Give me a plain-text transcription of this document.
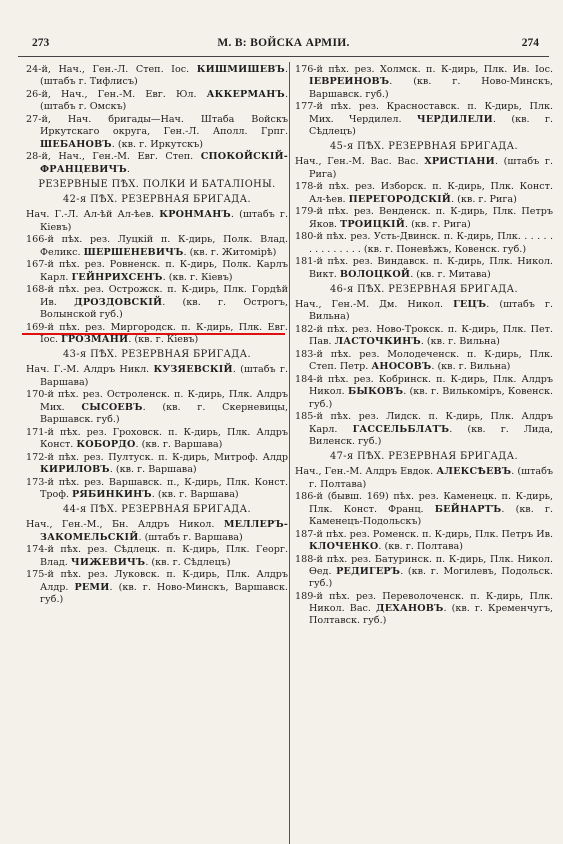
273	М. В: ВОЙСКА АРМІИ.	274
24-й, Нач., Ген.-Л. Степ. Іос. КИШМИШЕВЪ. (штабъ г. Тифлисъ)
26-й, Нач., Ген.-М. Евг. Юл. АККЕРМАНЪ. (штабъ г. Омскъ)
27-й, Нач. бригады—Нач. Штаба Войскъ Иркутскаго округа, Ген.-Л. Аполл. Грпг. ШЕБАНОВЪ. (кв. г. Иркутскъ)
28-й, Нач., Ген.-М. Евг. Степ. СПОКОЙСКІЙ-ФРАНЦЕВИЧЪ.
РЕЗЕРВНЫЕ ПѢХ. ПОЛКИ И БАТАЛІОНЫ.
42-я ПѢХ. РЕЗЕРВНАЯ БРИГАДА.
Нач. Г.-Л. Ал-ѣй Ал-ѣев. КРОНМАНЪ. (штабъ г. Кіевъ)
166-й пѣх. рез. Луцкій п. К-дирь, Полк. Влад. Феликс. ШЕРШЕНЕВИЧЪ. (кв. г. Житомірѣ)
167-й пѣх. рез. Ровненск. п. К-дирь, Полк. Карлъ Карл. ГЕЙНРИХСЕНЪ. (кв. г. Кіевъ)
168-й пѣх. рез. Острожск. п. К-дирь, Плк. Гордѣй Ив. ДРОЗДОВСКІЙ. (кв. г. Острогъ, Волынской губ.)
169-й пѣх. рез. Миргородск. п. К-дирь, Плк. Евг. Іос. ГРОЗМАНИ. (кв. г. Кіевъ)
43-я ПѢХ. РЕЗЕРВНАЯ БРИГАДА.
Нач. Г.-М. Алдръ Никл. КУЗЯЕВСКІЙ. (штабъ г. Варшава)
170-й пѣх. рез. Остроленск. п. К-дирь, Плк. Алдръ Мих. СЫСОЕВЪ. (кв. г. Скерневицы, Варшавск. губ.)
171-й пѣх. рез. Гроховск. п. К-дирь, Плк. Алдръ Конст. КОБОРДО. (кв. г. Варшава)
172-й пѣх. рез. Пултуск. п. К-дирь, Митроф. Алдр КИРИЛОВЪ. (кв. г. Варшава)
173-й пѣх. рез. Варшавск. п., К-дирь, Плк. Конст. Троф. РЯБИНКИНЪ. (кв. г. Варшава)
44-я ПѢХ. РЕЗЕРВНАЯ БРИГАДА.
Нач., Ген.-М., Бн. Алдръ Никол. МЕЛЛЕРЪ-ЗАКОМЕЛЬСКІЙ. (штабъ г. Варшава)
174-й пѣх. рез. Сѣдлецк. п. К-дирь, Плк. Георг. Влад. ЧИЖЕВИЧЪ. (кв. г. Сѣдлецъ)
175-й пѣх. рез. Луковск. п. К-дирь, Плк. Алдръ Алдр. РЕМИ. (кв. г. Ново-Минскъ, Варшавск. губ.)
176-й пѣх. рез. Холмск. п. К-дирь, Плк. Ив. Іос. ІЕВРЕИНОВЪ. (кв. г. Ново-Минскъ, Варшавск. губ.)
177-й пѣх. рез. Красноставск. п. К-дирь, Плк. Мих. Чердилел. ЧЕРДИЛЕЛИ. (кв. г. Сѣдлецъ)
45-я ПѢХ. РЕЗЕРВНАЯ БРИГАДА.
Нач., Ген.-М. Вас. Вас. ХРИСТІАНИ. (штабъ г. Рига)
178-й пѣх. рез. Изборск. п. К-дирь, Плк. Конст. Ал-ѣев. ПЕРЕГОРОДСКІЙ. (кв. г. Рига)
179-й пѣх. рез. Венденск. п. К-дирь, Плк. Петръ Яков. ТРОИЦКІЙ. (кв. г. Рига)
180-й пѣх. рез. Усть-Двинск. п. К-дирь, Плк. . . . . . . . . . . . . . . (кв. г. Поневѣжъ, Ковенск. губ.)
181-й пѣх. рез. Виндавск. п. К-дирь, Плк. Никол. Викт. ВОЛОЦКОЙ. (кв. г. Митава)
46-я ПѢХ. РЕЗЕРВНАЯ БРИГАДА.
Нач., Ген.-М. Дм. Никол. ГЕЦЪ. (штабъ г. Вильна)
182-й пѣх. рез. Ново-Трокск. п. К-дирь, Плк. Пет. Пав. ЛАСТОЧКИНЪ. (кв. г. Вильна)
183-й пѣх. рез. Молодеченск. п. К-дирь, Плк. Степ. Петр. АНОСОВЪ. (кв. г. Вильна)
184-й пѣх. рез. Кобринск. п. К-дирь, Плк. Алдръ Никол. БЫКОВЪ. (кв. г. Вилькоміръ, Ковенск. губ.)
185-й пѣх. рез. Лидск. п. К-дирь, Плк. Алдръ Карл. ГАССЕЛЬБЛАТЪ. (кв. г. Лида, Виленск. губ.)
47-я ПѢХ. РЕЗЕРВНАЯ БРИГАДА.
Нач., Ген.-М. Алдръ Евдок. АЛЕКСѢЕВЪ. (штабъ г. Полтава)
186-й (бывш. 169) пѣх. рез. Каменецк. п. К-дирь, Плк. Конст. Франц. БЕЙНАРТЪ. (кв. г. Каменецъ-Подольскъ)
187-й пѣх. рез. Роменск. п. К-дирь, Плк. Петръ Ив. КЛОЧЕНКО. (кв. г. Полтава)
188-й пѣх. рез. Батуринск. п. К-дирь, Плк. Никол. Ѳед. РЕДИГЕРЪ. (кв. г. Могилевъ, Подольск. губ.)
189-й пѣх. рез. Переволоченск. п. К-дирь, Плк. Никол. Вас. ДЕХАНОВЪ. (кв. г. Кременчугъ, Полтавск. губ.)
